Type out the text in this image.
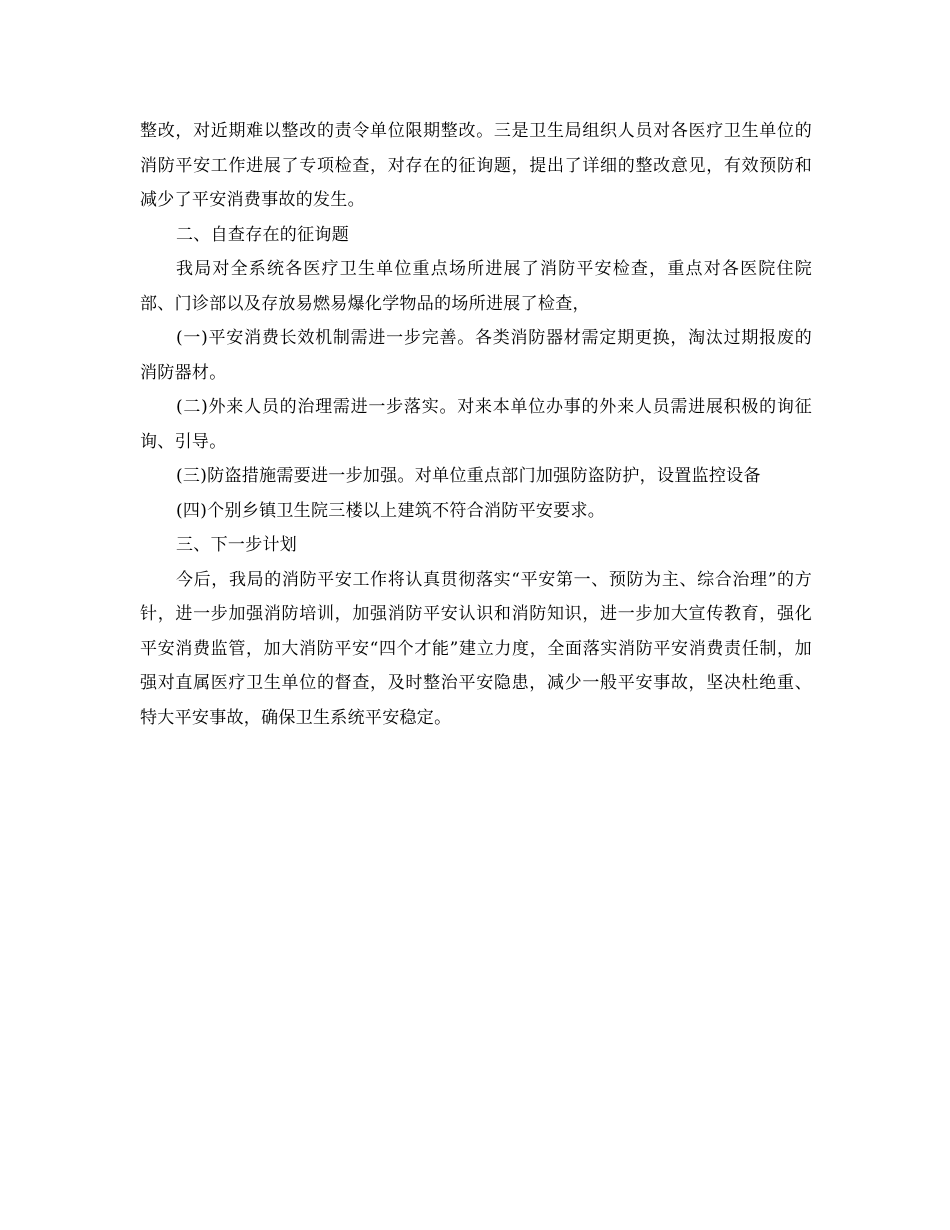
整改，对近期难以整改的责令单位限期整改。三是卫生局组织人员对各医疗卫生单位的消防平安工作进展了专项检查，对存在的征询题，提出了详细的整改意见，有效预防和减少了平安消费事故的发生。

二、自查存在的征询题

我局对全系统各医疗卫生单位重点场所进展了消防平安检查，重点对各医院住院部、门诊部以及存放易燃易爆化学物品的场所进展了检查，

(一)平安消费长效机制需进一步完善。各类消防器材需定期更换，淘汰过期报废的消防器材。

(二)外来人员的治理需进一步落实。对来本单位办事的外来人员需进展积极的询征询、引导。

(三)防盗措施需要进一步加强。对单位重点部门加强防盗防护，设置监控设备

(四)个别乡镇卫生院三楼以上建筑不符合消防平安要求。

三、下一步计划

今后，我局的消防平安工作将认真贯彻落实“平安第一、预防为主、综合治理”的方针，进一步加强消防培训，加强消防平安认识和消防知识，进一步加大宣传教育，强化平安消费监管，加大消防平安“四个才能”建立力度，全面落实消防平安消费责任制，加强对直属医疗卫生单位的督查，及时整治平安隐患，减少一般平安事故，坚决杜绝重、特大平安事故，确保卫生系统平安稳定。
